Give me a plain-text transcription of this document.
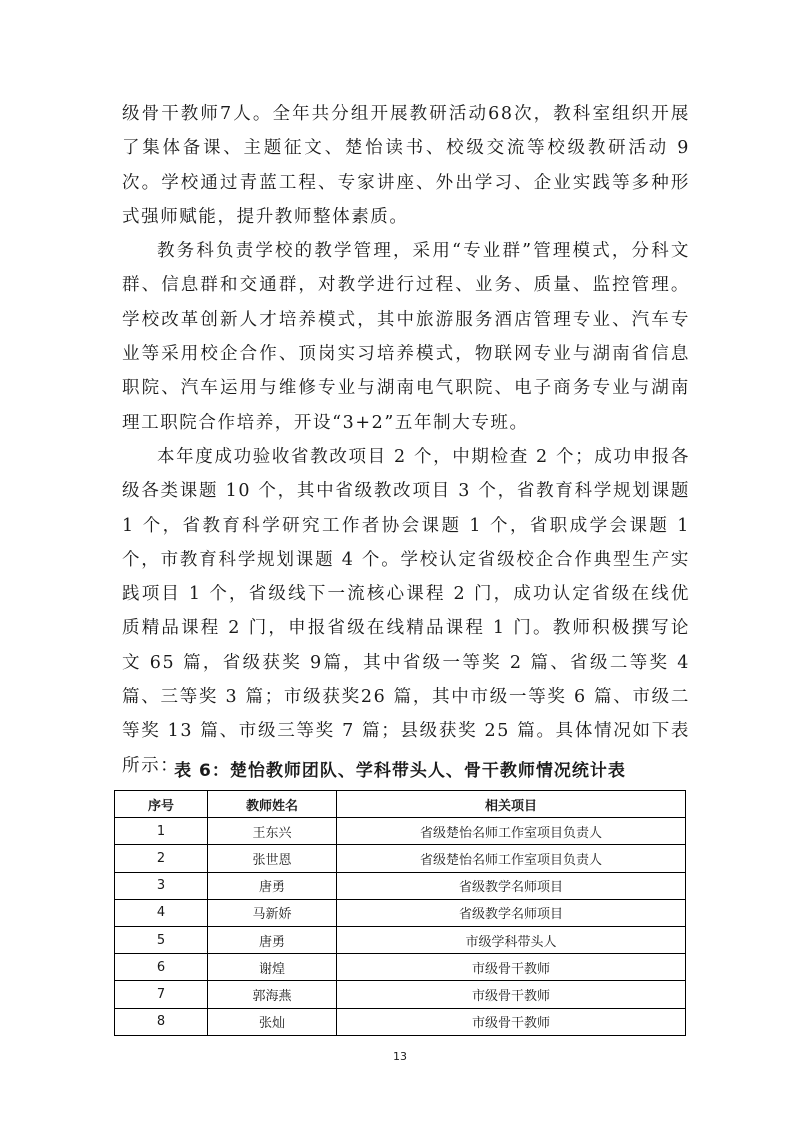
级骨干教师7人。全年共分组开展教研活动68次，教科室组织开展了集体备课、主题征文、楚怡读书、校级交流等校级教研活动 9 次。学校通过青蓝工程、专家讲座、外出学习、企业实践等多种形式强师赋能，提升教师整体素质。

教务科负责学校的教学管理，采用“专业群”管理模式，分科文群、信息群和交通群，对教学进行过程、业务、质量、监控管理。学校改革创新人才培养模式，其中旅游服务酒店管理专业、汽车专业等采用校企合作、顶岗实习培养模式，物联网专业与湖南省信息职院、汽车运用与维修专业与湖南电气职院、电子商务专业与湖南理工职院合作培养，开设“3+2”五年制大专班。

本年度成功验收省教改项目 2 个，中期检查 2 个；成功申报各级各类课题 10 个，其中省级教改项目 3 个，省教育科学规划课题 1 个，省教育科学研究工作者协会课题 1 个，省职成学会课题 1 个，市教育科学规划课题 4 个。学校认定省级校企合作典型生产实践项目 1 个，省级线下一流核心课程 2 门，成功认定省级在线优质精品课程 2 门，申报省级在线精品课程 1 门。教师积极撰写论文 65 篇，省级获奖 9篇，其中省级一等奖 2 篇、省级二等奖 4 篇、三等奖 3 篇；市级获奖26 篇，其中市级一等奖 6 篇、市级二等奖 13 篇、市级三等奖 7 篇；县级获奖 25 篇。具体情况如下表所示：

表 6：楚怡教师团队、学科带头人、骨干教师情况统计表
序号	教师姓名	相关项目
1	王东兴	省级楚怡名师工作室项目负责人
2	张世恩	省级楚怡名师工作室项目负责人
3	唐勇	省级教学名师项目
4	马新娇	省级教学名师项目
5	唐勇	市级学科带头人
6	谢煌	市级骨干教师
7	郭海燕	市级骨干教师
8	张灿	市级骨干教师
13
